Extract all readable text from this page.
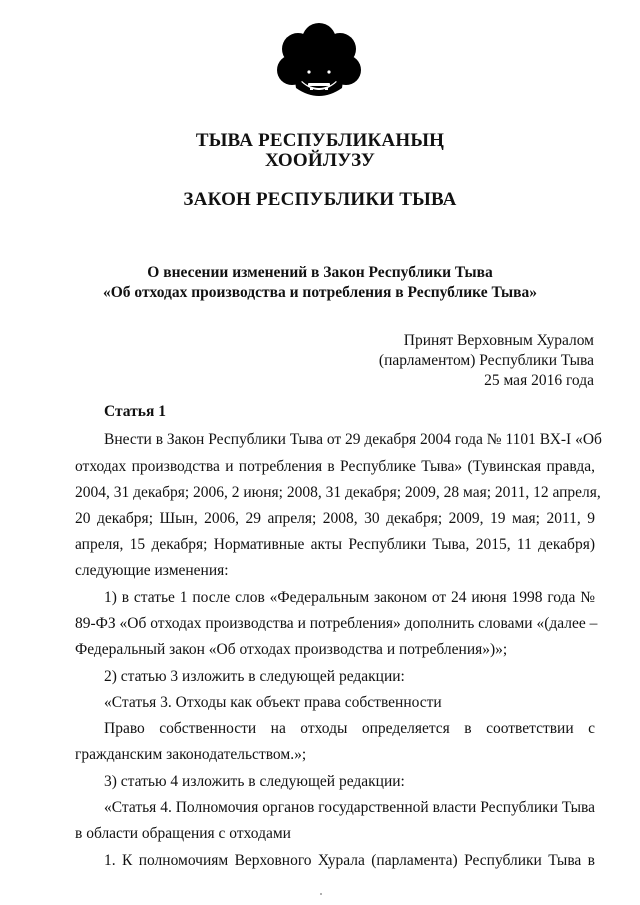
ТЫВА РЕСПУБЛИКАНЫҢ
ХООЙЛУЗУ
ЗАКОН РЕСПУБЛИКИ ТЫВА
О внесении изменений в Закон Республики Тыва
«Об отходах производства и потребления в Республике Тыва»
Принят Верховным Хуралом
(парламентом) Республики Тыва
25 мая 2016 года
Статья 1
Внести в Закон Республики Тыва от 29 декабря 2004 года № 1101 ВХ-I «Об
отходах производства и потребления в Республике Тыва» (Тувинская правда,
2004, 31 декабря; 2006, 2 июня; 2008, 31 декабря; 2009, 28 мая; 2011, 12 апреля,
20 декабря; Шын, 2006, 29 апреля; 2008, 30 декабря; 2009, 19 мая; 2011, 9
апреля, 15 декабря; Нормативные акты Республики Тыва, 2015, 11 декабря)
следующие изменения:
1) в статье 1 после слов «Федеральным законом от 24 июня 1998 года №
89-ФЗ «Об отходах производства и потребления» дополнить словами «(далее –
Федеральный закон «Об отходах производства и потребления»)»;
2) статью 3 изложить в следующей редакции:
«Статья 3. Отходы как объект права собственности
Право собственности на отходы определяется в соответствии с
гражданским законодательством.»;
3) статью 4 изложить в следующей редакции:
«Статья 4. Полномочия органов государственной власти Республики Тыва
в области обращения с отходами
1. К полномочиям Верховного Хурала (парламента) Республики Тыва в
